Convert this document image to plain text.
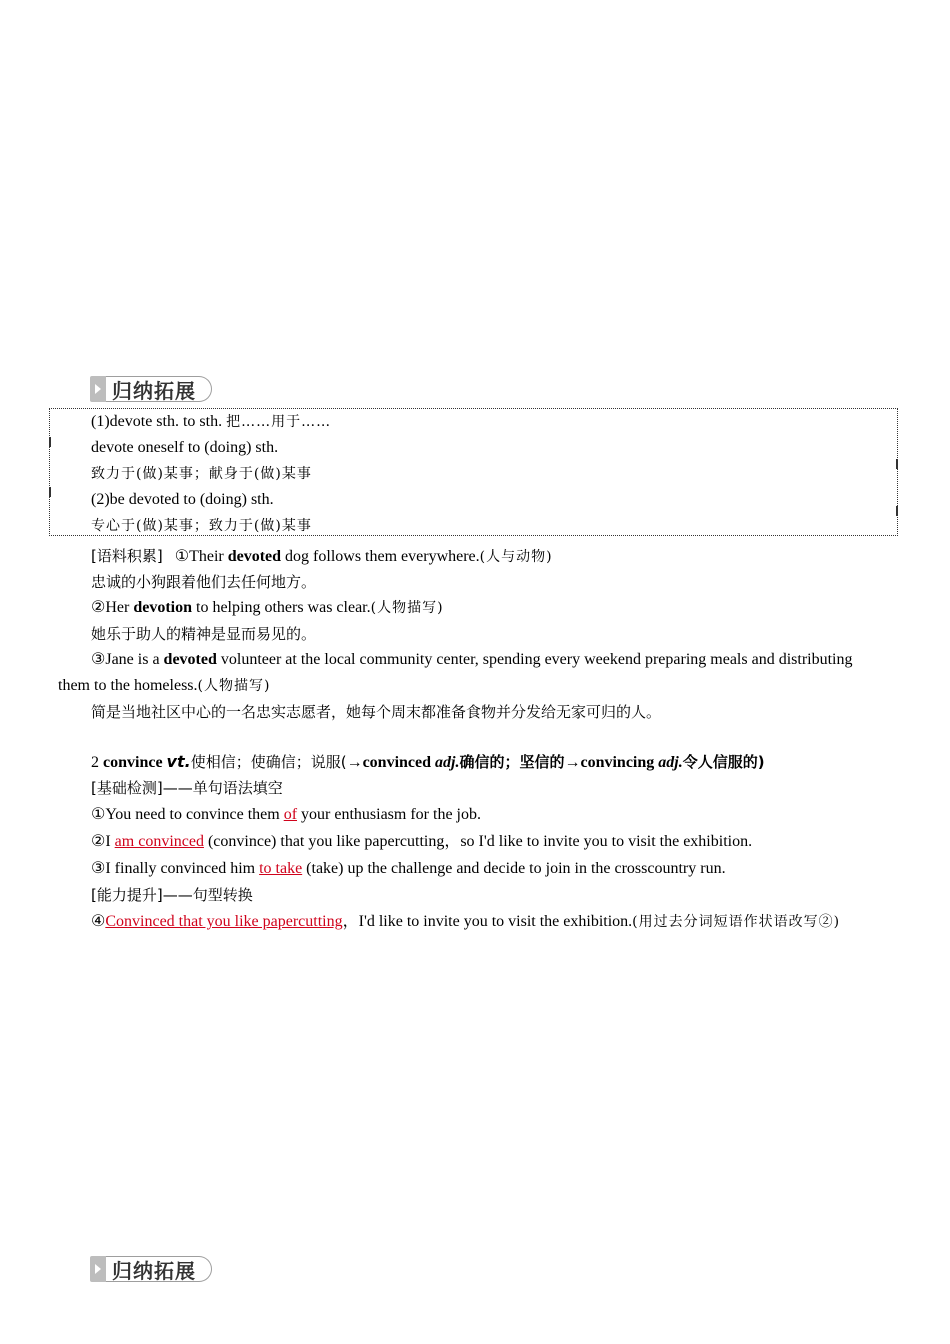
归纳拓展
(1)devote sth. to sth. 把……用于……
devote oneself to (doing) sth.
致力于(做)某事；献身于(做)某事
(2)be devoted to (doing) sth.
专心于(做)某事；致力于(做)某事
[语料积累] ①Their devoted dog follows them everywhere.(人与动物)
忠诚的小狗跟着他们去任何地方。
②Her devotion to helping others was clear.(人物描写)
她乐于助人的精神是显而易见的。
③Jane is a devoted volunteer at the local community center, spending every weekend preparing meals and distributing
them to the homeless.(人物描写)
简是当地社区中心的一名忠实志愿者，她每个周末都准备食物并分发给无家可归的人。
2 convince vt.使相信；使确信；说服(→convinced adj.确信的；坚信的→convincing adj.令人信服的)
[基础检测]——单句语法填空
①You need to convince them of your enthusiasm for the job.
②I am convinced (convince) that you like papercutting，so I'd like to invite you to visit the exhibition.
③I finally convinced him to take (take) up the challenge and decide to join in the crosscountry run.
[能力提升]——句型转换
④Convinced that you like papercutting，I'd like to invite you to visit the exhibition.(用过去分词短语作状语改写②)
归纳拓展
